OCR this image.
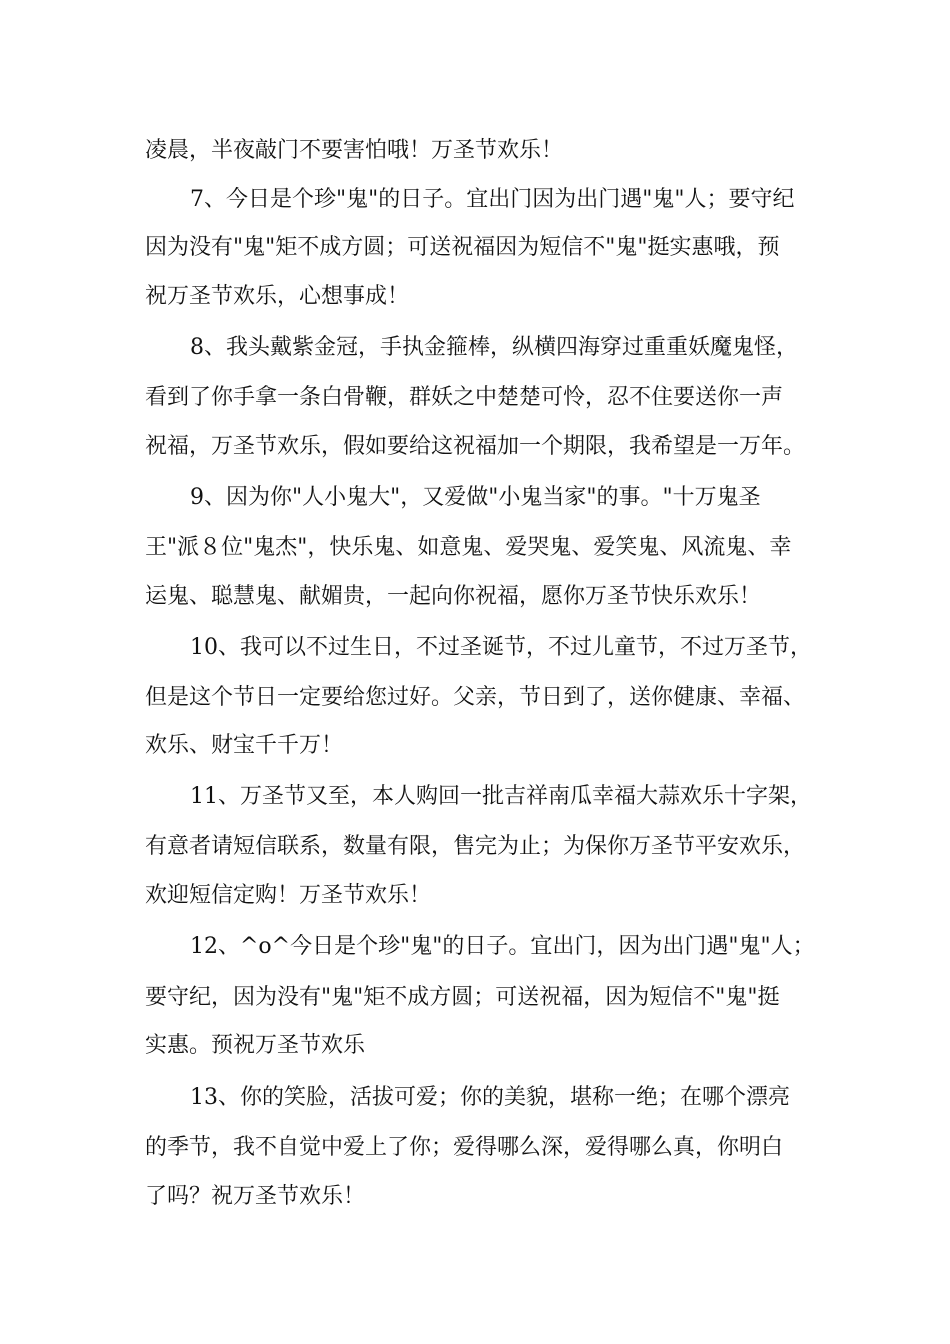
凌晨，半夜敲门不要害怕哦！万圣节欢乐！
7、今日是个珍"鬼"的日子。宜出门因为出门遇"鬼"人；要守纪
因为没有"鬼"矩不成方圆；可送祝福因为短信不"鬼"挺实惠哦，预
祝万圣节欢乐，心想事成！
8、我头戴紫金冠，手执金箍棒，纵横四海穿过重重妖魔鬼怪，
看到了你手拿一条白骨鞭，群妖之中楚楚可怜，忍不住要送你一声
祝福，万圣节欢乐，假如要给这祝福加一个期限，我希望是一万年。
9、因为你"人小鬼大"，又爱做"小鬼当家"的事。"十万鬼圣
王"派８位"鬼杰"，快乐鬼、如意鬼、爱哭鬼、爱笑鬼、风流鬼、幸
运鬼、聪慧鬼、献媚贵，一起向你祝福，愿你万圣节快乐欢乐！
10、我可以不过生日，不过圣诞节，不过儿童节，不过万圣节，
但是这个节日一定要给您过好。父亲，节日到了，送你健康、幸福、
欢乐、财宝千千万！
11、万圣节又至，本人购回一批吉祥南瓜幸福大蒜欢乐十字架，
有意者请短信联系，数量有限，售完为止；为保你万圣节平安欢乐，
欢迎短信定购！万圣节欢乐！
12、^o^今日是个珍"鬼"的日子。宜出门，因为出门遇"鬼"人；
要守纪，因为没有"鬼"矩不成方圆；可送祝福，因为短信不"鬼"挺
实惠。预祝万圣节欢乐
13、你的笑脸，活拔可爱；你的美貌，堪称一绝；在哪个漂亮
的季节，我不自觉中爱上了你；爱得哪么深，爱得哪么真，你明白
了吗？祝万圣节欢乐！
